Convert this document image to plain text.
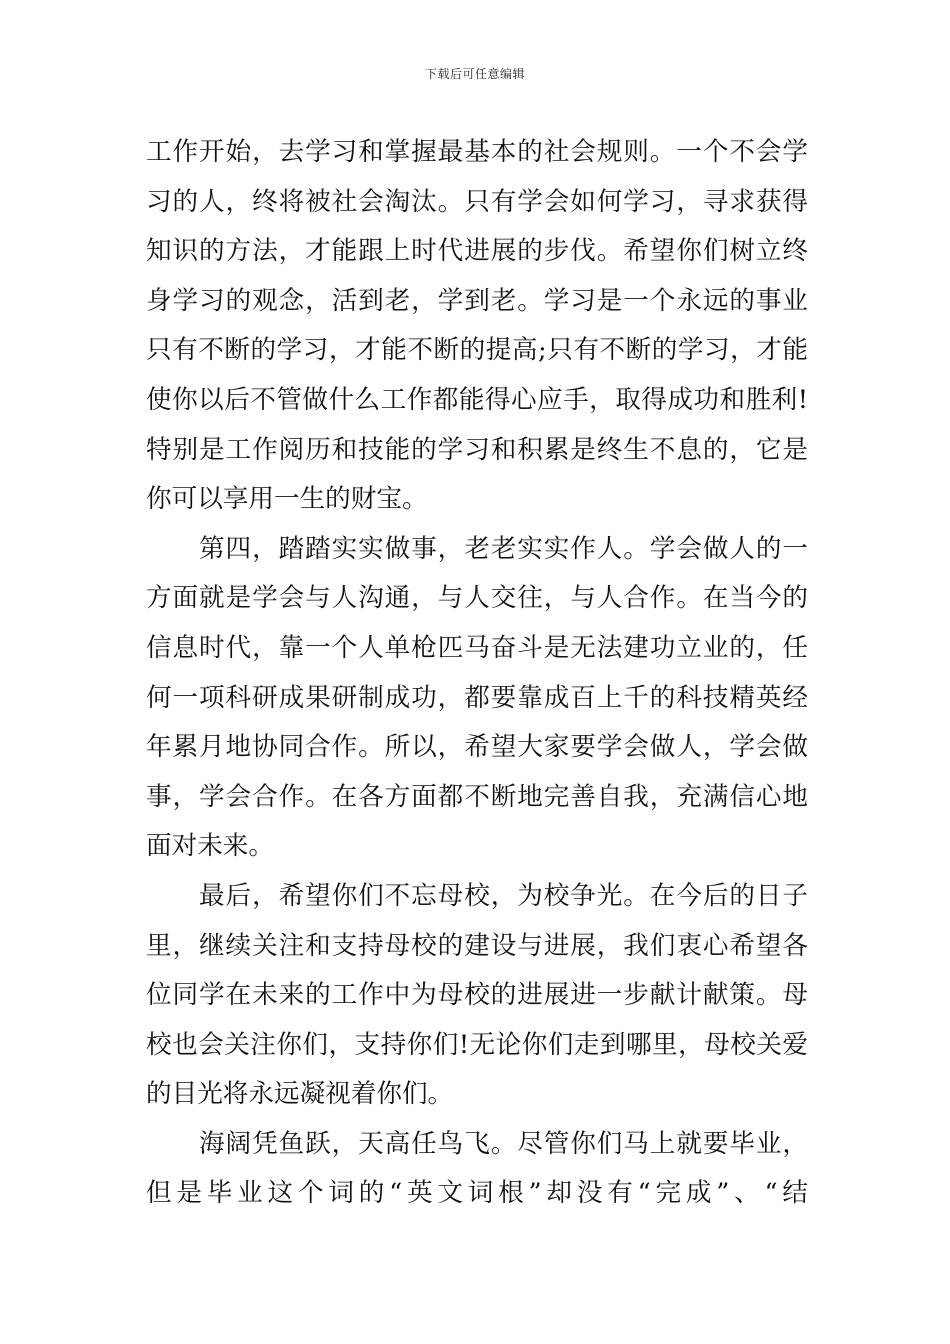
下载后可任意编辑
工作开始，去学习和掌握最基本的社会规则。一个不会学
习的人，终将被社会淘汰。只有学会如何学习，寻求获得
知识的方法，才能跟上时代进展的步伐。希望你们树立终
身学习的观念，活到老，学到老。学习是一个永远的事业
只有不断的学习，才能不断的提高;只有不断的学习，才能
使你以后不管做什么工作都能得心应手，取得成功和胜利!
特别是工作阅历和技能的学习和积累是终生不息的，它是
你可以享用一生的财宝。
　　第四，踏踏实实做事，老老实实作人。学会做人的一
方面就是学会与人沟通，与人交往，与人合作。在当今的
信息时代，靠一个人单枪匹马奋斗是无法建功立业的，任
何一项科研成果研制成功，都要靠成百上千的科技精英经
年累月地协同合作。所以，希望大家要学会做人，学会做
事，学会合作。在各方面都不断地完善自我，充满信心地
面对未来。
　　最后，希望你们不忘母校，为校争光。在今后的日子
里，继续关注和支持母校的建设与进展，我们衷心希望各
位同学在未来的工作中为母校的进展进一步献计献策。母
校也会关注你们，支持你们!无论你们走到哪里，母校关爱
的目光将永远凝视着你们。
　　海阔凭鱼跃，天高任鸟飞。尽管你们马上就要毕业，
但是毕业这个词的“英文词根”却没有“完成”、“结
